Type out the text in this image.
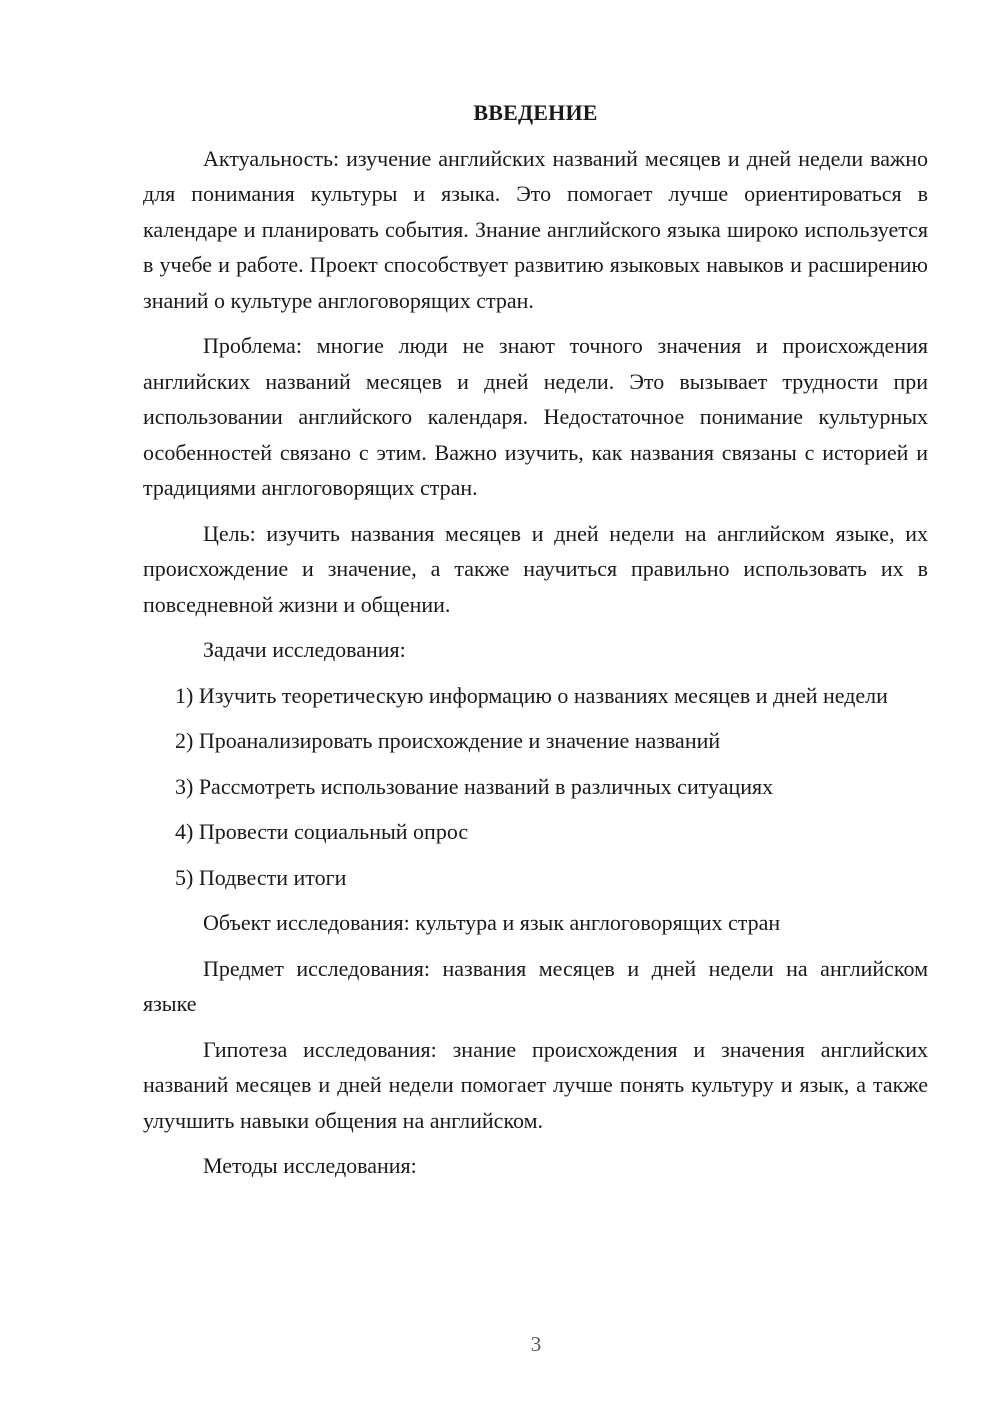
ВВЕДЕНИЕ

Актуальность: изучение английских названий месяцев и дней недели важно для понимания культуры и языка. Это помогает лучше ориентироваться в календаре и планировать события. Знание английского языка широко используется в учебе и работе. Проект способствует развитию языковых навыков и расширению знаний о культуре англоговорящих стран.

Проблема: многие люди не знают точного значения и происхождения английских названий месяцев и дней недели. Это вызывает трудности при использовании английского календаря. Недостаточное понимание культурных особенностей связано с этим. Важно изучить, как названия связаны с историей и традициями англоговорящих стран.

Цель: изучить названия месяцев и дней недели на английском языке, их происхождение и значение, а также научиться правильно использовать их в повседневной жизни и общении.

Задачи исследования:

1) Изучить теоретическую информацию о названиях месяцев и дней недели

2) Проанализировать происхождение и значение названий

3) Рассмотреть использование названий в различных ситуациях

4) Провести социальный опрос

5) Подвести итоги

Объект исследования: культура и язык англоговорящих стран

Предмет исследования: названия месяцев и дней недели на английском языке

Гипотеза исследования: знание происхождения и значения английских названий месяцев и дней недели помогает лучше понять культуру и язык, а также улучшить навыки общения на английском.

Методы исследования:

3
